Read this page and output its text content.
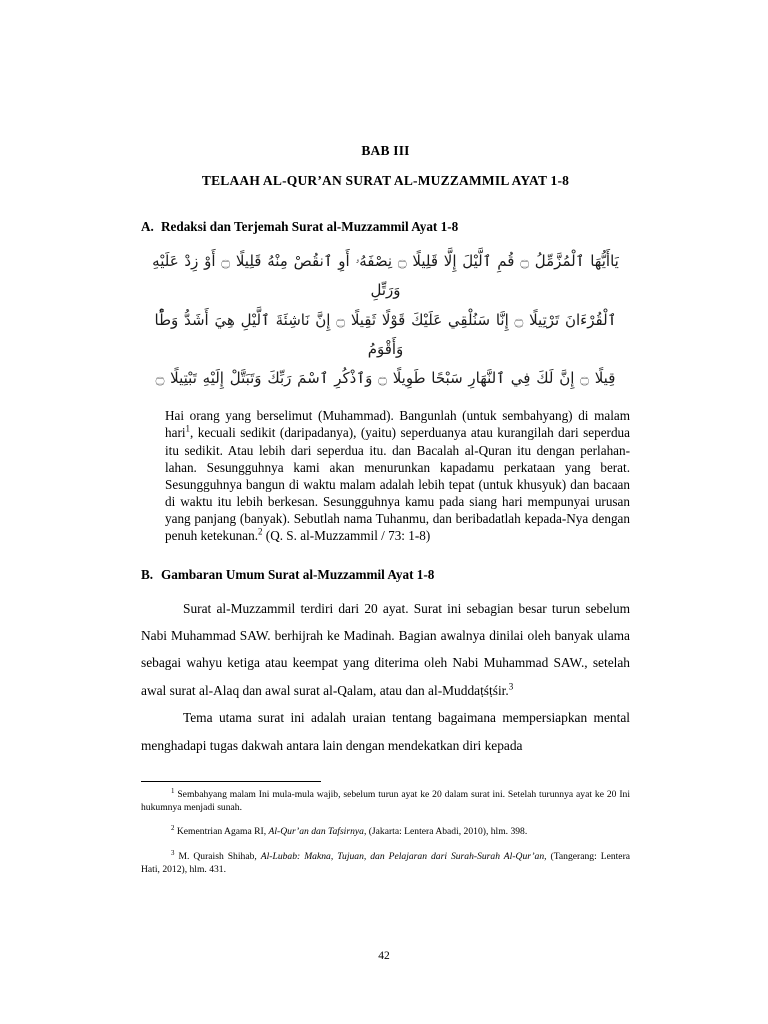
BAB III
TELAAH AL-QUR’AN SURAT AL-MUZZAMMIL AYAT 1-8
A. Redaksi dan Terjemah Surat al-Muzzammil Ayat 1-8
يَاأَيُّهَا ٱلْمُزَّمِّلُ ۝ قُمِ ٱلَّيْلَ إِلَّا قَلِيلًا ۝ نِصْفَهُۥ أَوِ ٱنقُصْ مِنْهُ قَلِيلًا ۝ أَوْ زِدْ عَلَيْهِ وَرَتِّلِ
ٱلْقُرْءَانَ تَرْتِيلًا ۝ إِنَّا سَنُلْقِي عَلَيْكَ قَوْلًا ثَقِيلًا ۝ إِنَّ نَاشِئَةَ ٱلَّيْلِ هِيَ أَشَدُّ وَطًْٔا وَأَقْوَمُ
قِيلًا ۝ إِنَّ لَكَ فِي ٱلنَّهَارِ سَبْحًا طَوِيلًا ۝ وَٱذْكُرِ ٱسْمَ رَبِّكَ وَتَبَتَّلْ إِلَيْهِ تَبْتِيلًا ۝

Hai orang yang berselimut (Muhammad). Bangunlah (untuk sembahyang) di malam hari$^1$, kecuali sedikit (daripadanya), (yaitu) seperduanya atau kurangilah dari seperdua itu sedikit. Atau lebih dari seperdua itu. dan Bacalah al-Quran itu dengan perlahan-lahan. Sesungguhnya kami akan menurunkan kapadamu perkataan yang berat. Sesungguhnya bangun di waktu malam adalah lebih tepat (untuk khusyuk) dan bacaan di waktu itu lebih berkesan. Sesungguhnya kamu pada siang hari mempunyai urusan yang panjang (banyak). Sebutlah nama Tuhanmu, dan beribadatlah kepada-Nya dengan penuh ketekunan.$^2$ (Q. S. al-Muzzammil / 73: 1-8)

B. Gambaran Umum Surat al-Muzzammil Ayat 1-8

Surat al-Muzzammil terdiri dari 20 ayat. Surat ini sebagian besar turun sebelum Nabi Muhammad SAW. berhijrah ke Madinah. Bagian awalnya dinilai oleh banyak ulama sebagai wahyu ketiga atau keempat yang diterima oleh Nabi Muhammad SAW., setelah awal surat al-Alaq dan awal surat al-Qalam, atau dan al-Muddaṭśṭśir.$^3$

Tema utama surat ini adalah uraian tentang bagaimana mempersiapkan mental menghadapi tugas dakwah antara lain dengan mendekatkan diri kepada

$^1$ Sembahyang malam Ini mula-mula wajib, sebelum turun ayat ke 20 dalam surat ini. Setelah turunnya ayat ke 20 Ini hukumnya menjadi sunah.

$^2$ Kementrian Agama RI, Al-Qur’an dan Tafsirnya, (Jakarta: Lentera Abadi, 2010), hlm. 398.

$^3$ M. Quraish Shihab, Al-Lubab: Makna, Tujuan, dan Pelajaran dari Surah-Surah Al-Qur’an, (Tangerang: Lentera Hati, 2012), hlm. 431.

42
